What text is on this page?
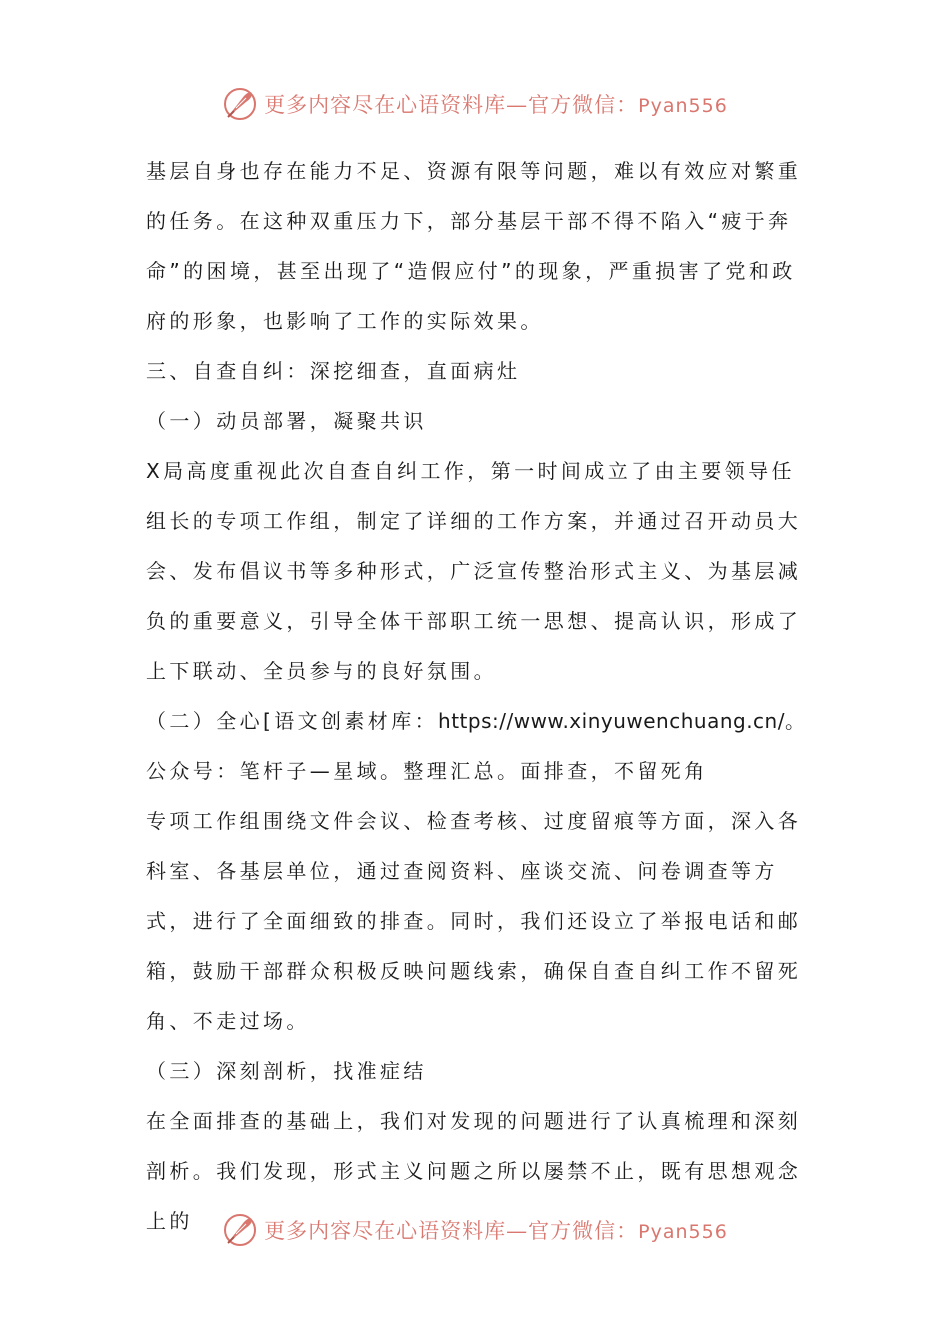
更多内容尽在心语资料库—官方微信：Pyan556

基层自身也存在能力不足、资源有限等问题，难以有效应对繁重的任务。在这种双重压力下，部分基层干部不得不陷入“疲于奔命”的困境，甚至出现了“造假应付”的现象，严重损害了党和政府的形象，也影响了工作的实际效果。

三、自查自纠：深挖细查，直面病灶

（一）动员部署，凝聚共识

X局高度重视此次自查自纠工作，第一时间成立了由主要领导任组长的专项工作组，制定了详细的工作方案，并通过召开动员大会、发布倡议书等多种形式，广泛宣传整治形式主义、为基层减负的重要意义，引导全体干部职工统一思想、提高认识，形成了上下联动、全员参与的良好氛围。

（二）全心[语文创素材库：https://www.xinyuwenchuang.cn/。公众号：笔杆子—星域。整理汇总。面排查，不留死角

专项工作组围绕文件会议、检查考核、过度留痕等方面，深入各科室、各基层单位，通过查阅资料、座谈交流、问卷调查等方式，进行了全面细致的排查。同时，我们还设立了举报电话和邮箱，鼓励干部群众积极反映问题线索，确保自查自纠工作不留死角、不走过场。

（三）深刻剖析，找准症结

在全面排查的基础上，我们对发现的问题进行了认真梳理和深刻剖析。我们发现，形式主义问题之所以屡禁不止，既有思想观念上的	更多内容尽在心语资料库—官方微信：Pyan556
